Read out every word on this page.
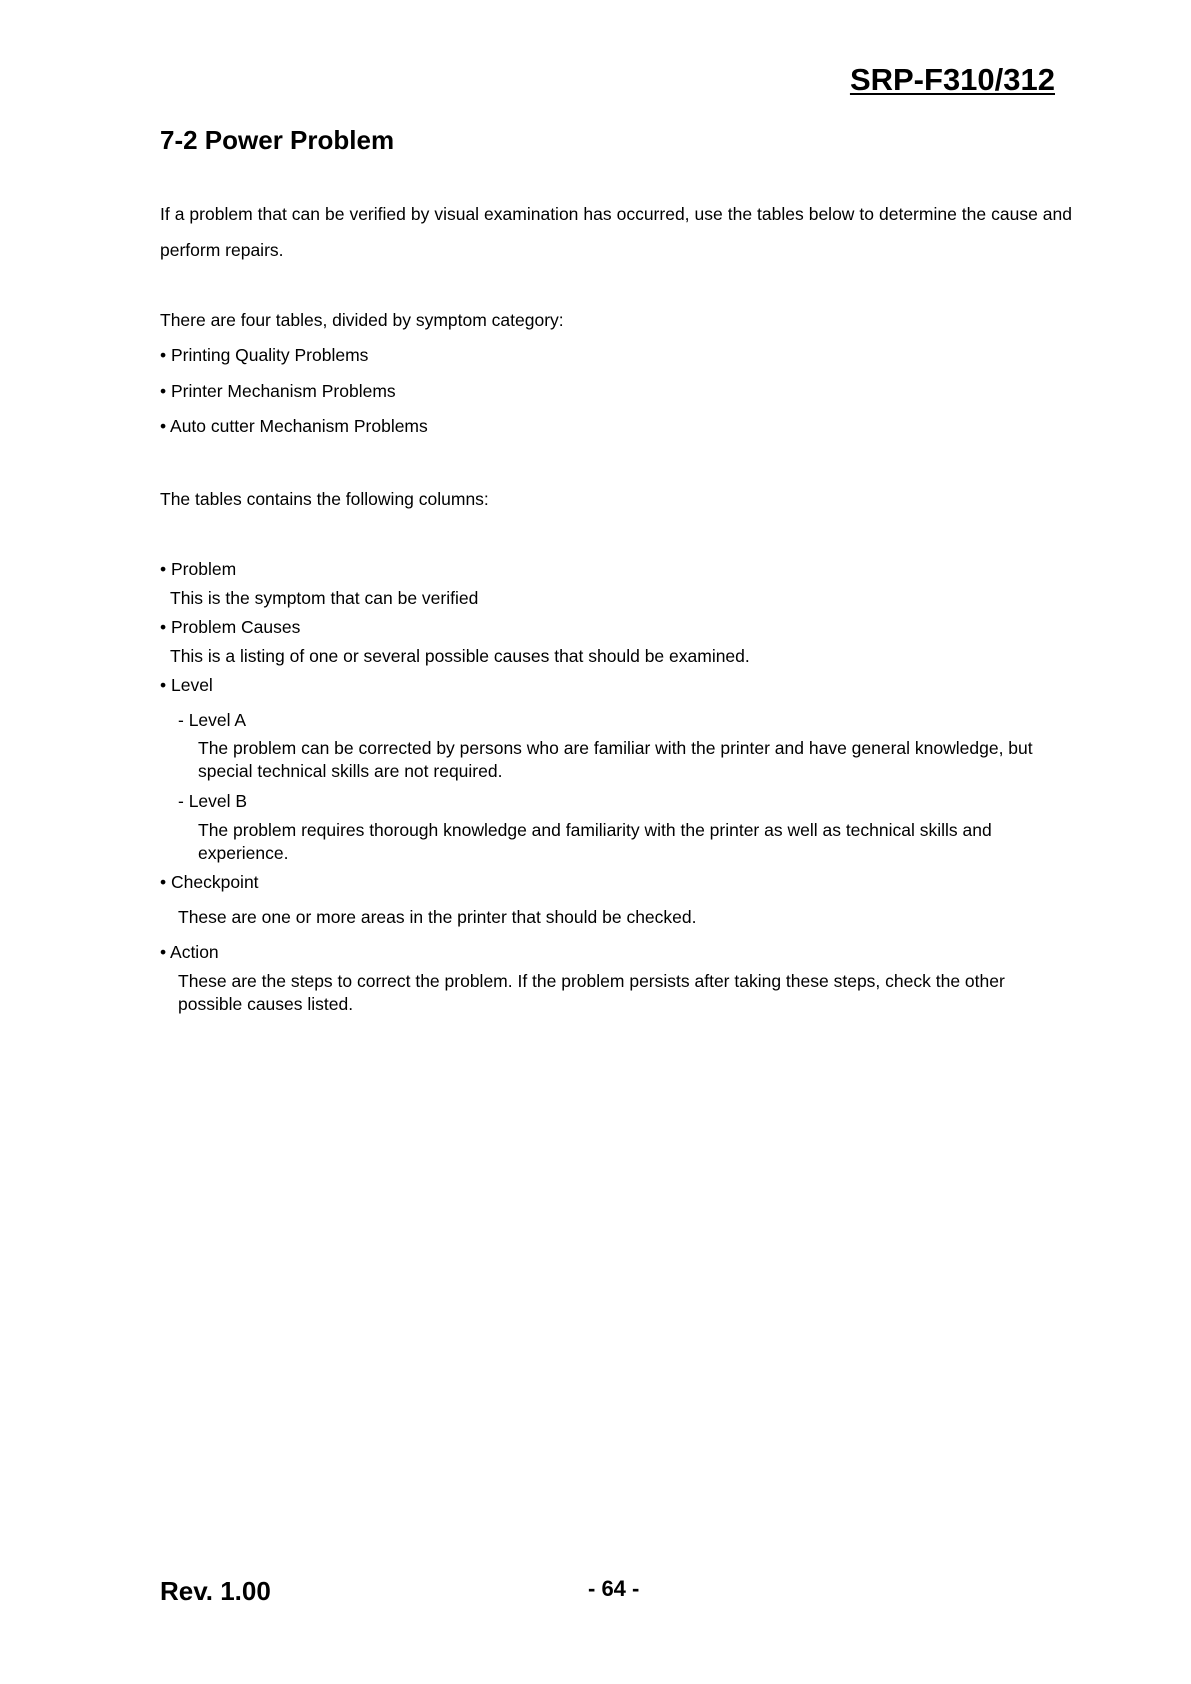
SRP-F310/312
7-2 Power Problem

If a problem that can be verified by visual examination has occurred, use the tables below to determine the cause and perform repairs.

There are four tables, divided by symptom category:

• Printing Quality Problems
• Printer Mechanism Problems
• Auto cutter Mechanism Problems

The tables contains the following columns:

• Problem

This is the symptom that can be verified

• Problem Causes

This is a listing of one or several possible causes that should be examined.

• Level

- Level A

The problem can be corrected by persons who are familiar with the printer and have general knowledge, but special technical skills are not required.

- Level B

The problem requires thorough knowledge and familiarity with the printer as well as technical skills and experience.

• Checkpoint

These are one or more areas in the printer that should be checked.

• Action

These are the steps to correct the problem. If the problem persists after taking these steps, check the other possible causes listed.

Rev. 1.00	- 64 -
